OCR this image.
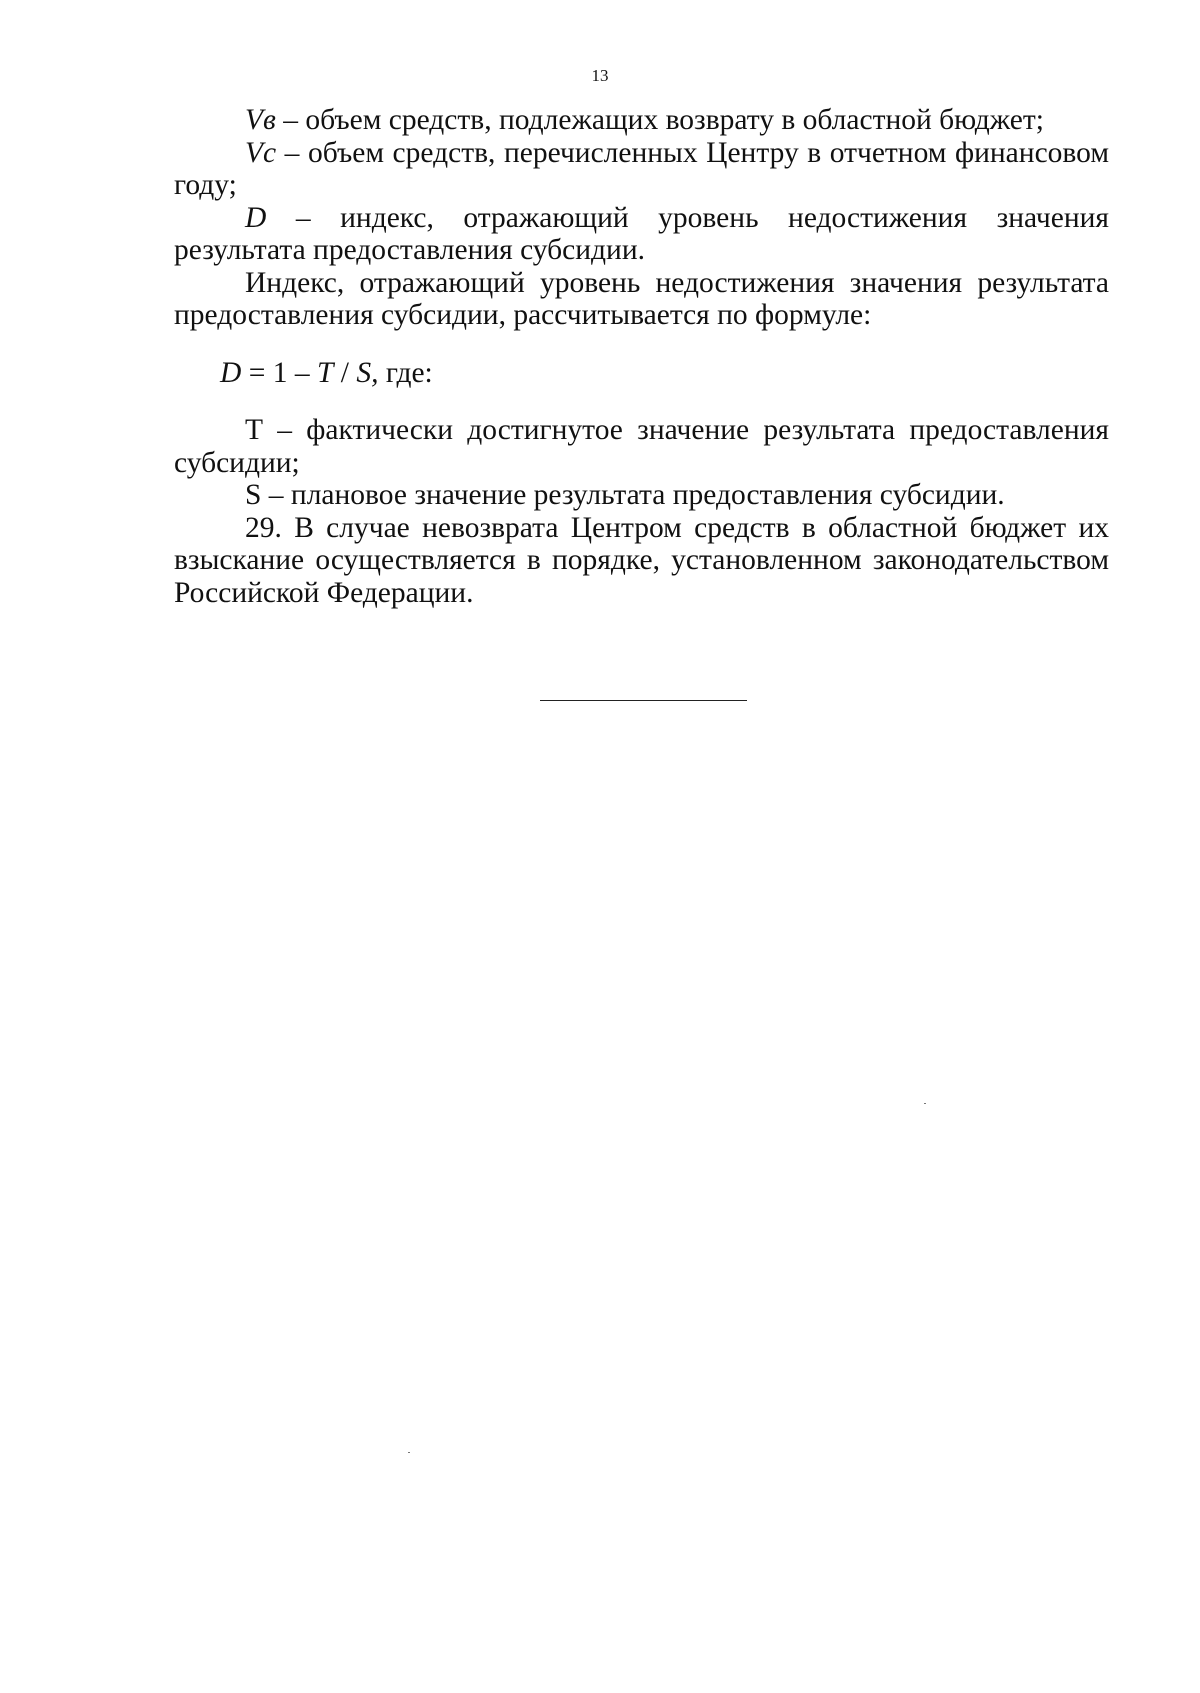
13

Vв – объем средств, подлежащих возврату в областной бюджет;

Vс – объем средств, перечисленных Центру в отчетном финансовом году;

D – индекс, отражающий уровень недостижения значения результата предоставления субсидии.

Индекс, отражающий уровень недостижения значения результата предоставления субсидии, рассчитывается по формуле:

D = 1 – T / S, где:

Т – фактически достигнутое значение результата предоставления субсидии;

S – плановое значение результата предоставления субсидии.

29. В случае невозврата Центром средств в областной бюджет их взыскание осуществляется в порядке, установленном законодательством Российской Федерации.
